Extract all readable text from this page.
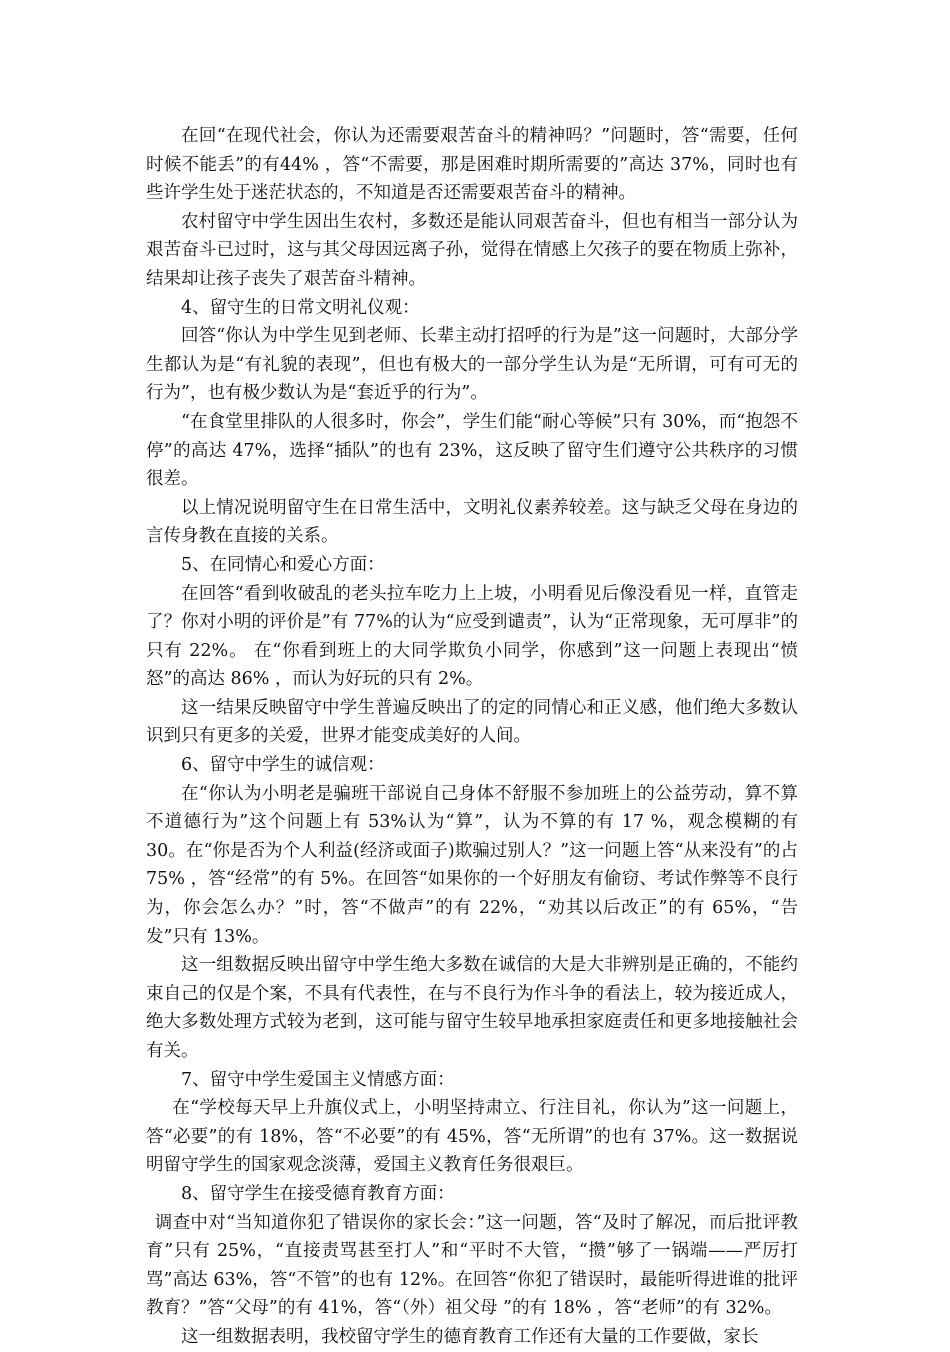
在回“在现代社会，你认为还需要艰苦奋斗的精神吗？”问题时，答“需要，任何时候不能丢”的有44% ，答“不需要，那是困难时期所需要的”高达 37%，同时也有些许学生处于迷茫状态的，不知道是否还需要艰苦奋斗的精神。

农村留守中学生因出生农村，多数还是能认同艰苦奋斗，但也有相当一部分认为艰苦奋斗已过时，这与其父母因远离子孙，觉得在情感上欠孩子的要在物质上弥补，结果却让孩子丧失了艰苦奋斗精神。

4、留守生的日常文明礼仪观：

回答“你认为中学生见到老师、长辈主动打招呼的行为是”这一问题时，大部分学生都认为是“有礼貌的表现”，但也有极大的一部分学生认为是“无所谓，可有可无的行为”，也有极少数认为是“套近乎的行为”。

“在食堂里排队的人很多时，你会”，学生们能“耐心等候”只有 30%，而“抱怨不停”的高达 47%，选择“插队”的也有 23%，这反映了留守生们遵守公共秩序的习惯很差。

以上情况说明留守生在日常生活中，文明礼仪素养较差。这与缺乏父母在身边的言传身教在直接的关系。

5、在同情心和爱心方面：

在回答“看到收破乱的老头拉车吃力上上坡，小明看见后像没看见一样，直管走了？你对小明的评价是”有 77%的认为“应受到谴责”，认为“正常现象，无可厚非”的只有 22%。 在“你看到班上的大同学欺负小同学，你感到”这一问题上表现出“愤怒”的高达 86% ，而认为好玩的只有 2%。

这一结果反映留守中学生普遍反映出了的定的同情心和正义感，他们绝大多数认识到只有更多的关爱，世界才能变成美好的人间。

6、留守中学生的诚信观：

在“你认为小明老是骗班干部说自己身体不舒服不参加班上的公益劳动，算不算不道德行为”这个问题上有 53%认为“算”，认为不算的有 17 %，观念模糊的有 30。在“你是否为个人利益(经济或面子)欺骗过别人？”这一问题上答“从来没有”的占 75% ，答“经常”的有 5%。在回答“如果你的一个好朋友有偷窃、考试作弊等不良行为，你会怎么办？”时，答“不做声”的有 22%，“劝其以后改正”的有 65%，“告发”只有 13%。

这一组数据反映出留守中学生绝大多数在诚信的大是大非辨别是正确的，不能约束自己的仅是个案，不具有代表性，在与不良行为作斗争的看法上，较为接近成人，绝大多数处理方式较为老到，这可能与留守生较早地承担家庭责任和更多地接触社会有关。

7、留守中学生爱国主义情感方面：

在“学校每天早上升旗仪式上，小明坚持肃立、行注目礼，你认为”这一问题上，答“必要”的有 18%，答“不必要”的有 45%，答“无所谓”的也有 37%。这一数据说明留守学生的国家观念淡薄，爱国主义教育任务很艰巨。

8、留守学生在接受德育教育方面：

调查中对“当知道你犯了错误你的家长会：”这一问题，答“及时了解况，而后批评教育”只有 25%，“直接责骂甚至打人”和“平时不大管，“攒”够了一锅端——严厉打骂”高达 63%，答“不管”的也有 12%。在回答“你犯了错误时，最能听得进谁的批评教育？”答“父母”的有 41%，答“（外）祖父母 ”的有 18% ，答“老师”的有 32%。

这一组数据表明，我校留守学生的德育教育工作还有大量的工作要做，家长
